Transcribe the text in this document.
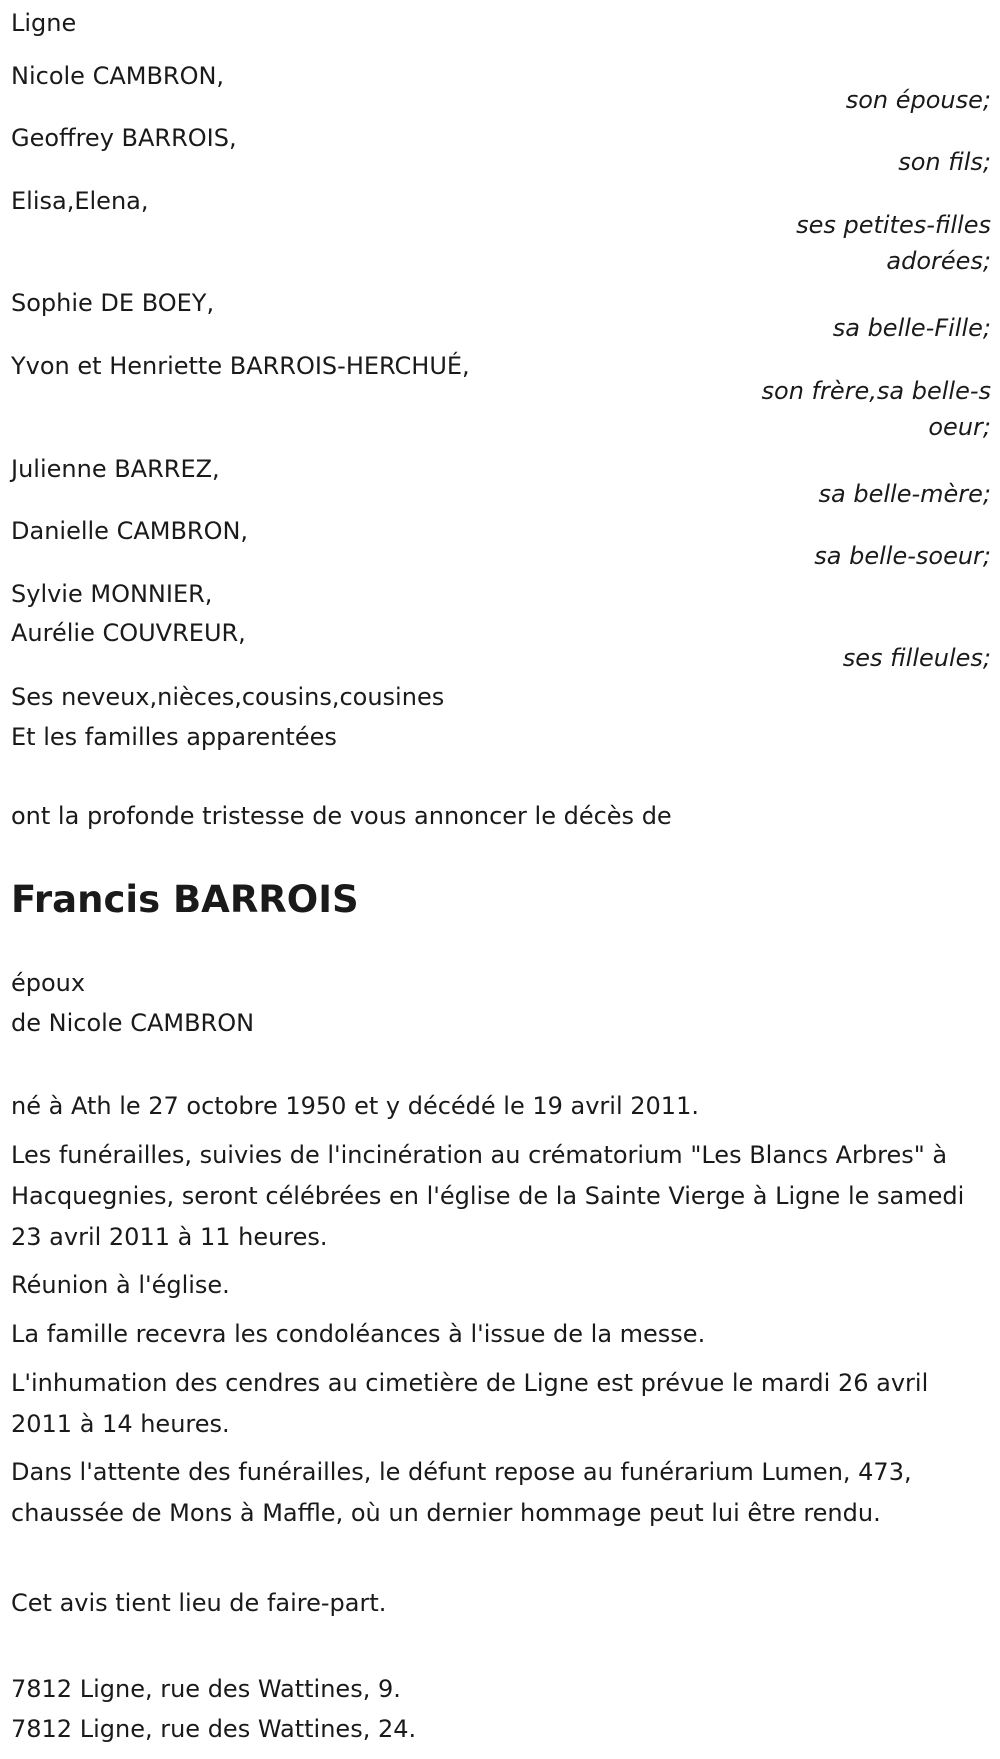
Ligne
Nicole CAMBRON,
son épouse;
Geoffrey BARROIS,
son fils;
Elisa,Elena,
ses petites-filles adorées;
Sophie DE BOEY,
sa belle-Fille;
Yvon et Henriette BARROIS-HERCHUÉ,
son frère,sa belle-soeur;
Julienne BARREZ,
sa belle-mère;
Danielle CAMBRON,
sa belle-soeur;
Sylvie MONNIER,
Aurélie COUVREUR,
ses filleules;
Ses neveux,nièces,cousins,cousines
Et les familles apparentées
ont la profonde tristesse de vous annoncer le décès de
Francis BARROIS
époux
de Nicole CAMBRON
né à Ath le 27 octobre 1950 et y décédé le 19 avril 2011.
Les funérailles, suivies de l'incinération au crématorium "Les Blancs Arbres" à Hacquegnies, seront célébrées en l'église de la Sainte Vierge à Ligne le samedi 23 avril 2011 à 11 heures.
Réunion à l'église.
La famille recevra les condoléances à l'issue de la messe.
L'inhumation des cendres au cimetière de Ligne est prévue le mardi 26 avril 2011 à 14 heures.
Dans l'attente des funérailles, le défunt repose au funérarium Lumen, 473, chaussée de Mons à Maffle, où un dernier hommage peut lui être rendu.
Cet avis tient lieu de faire-part.
7812 Ligne, rue des Wattines, 9.
7812 Ligne, rue des Wattines, 24.
